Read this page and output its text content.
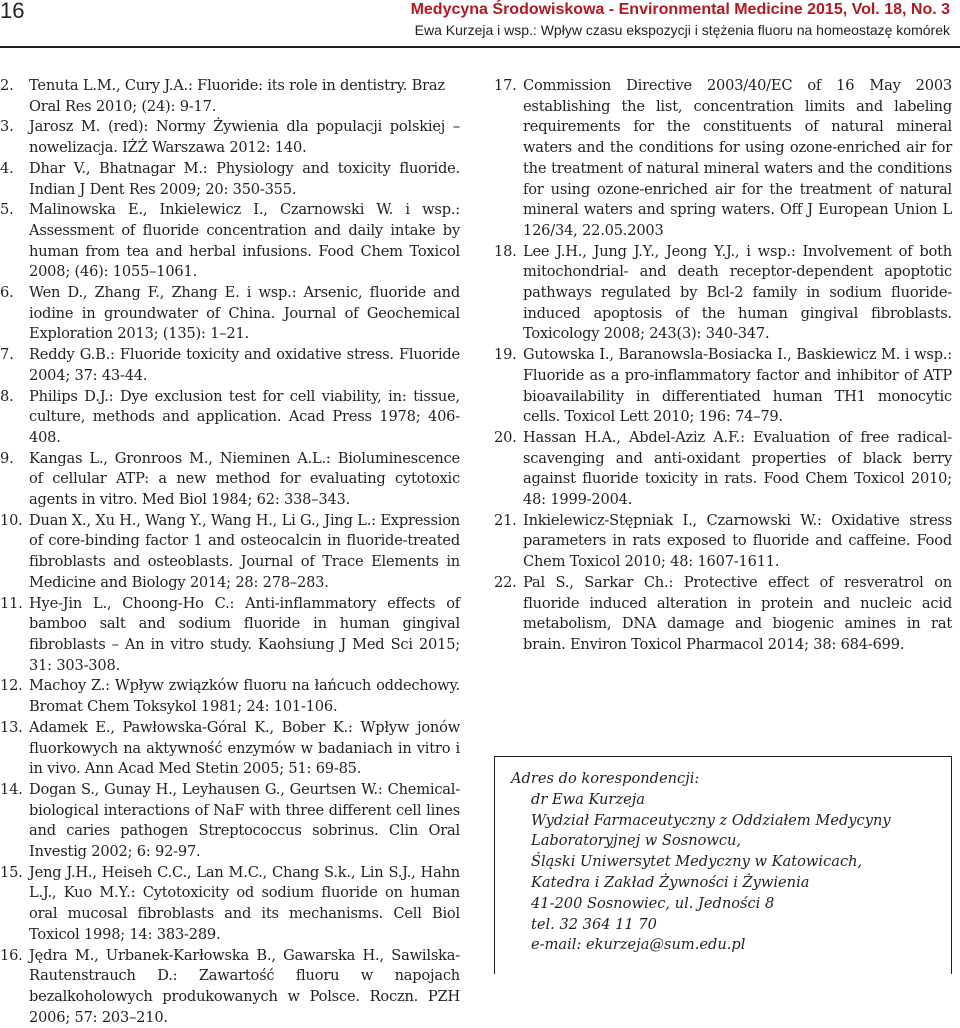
16	Medycyna Środowiskowa - Environmental Medicine 2015, Vol. 18, No. 3
Ewa Kurzeja i wsp.: Wpływ czasu ekspozycji i stężenia fluoru na homeostazę komórek
2. Tenuta L.M., Cury J.A.: Fluoride: its role in dentistry. Braz Oral Res 2010; (24): 9-17.
3. Jarosz M. (red): Normy Żywienia dla populacji polskiej – nowelizacja. IŻŻ Warszawa 2012: 140.
4. Dhar V., Bhatnagar M.: Physiology and toxicity fluoride. Indian J Dent Res 2009; 20: 350-355.
5. Malinowska E., Inkielewicz I., Czarnowski W. i wsp.: Assessment of fluoride concentration and daily intake by human from tea and herbal infusions. Food Chem Toxicol 2008; (46): 1055–1061.
6. Wen D., Zhang F., Zhang E. i wsp.: Arsenic, fluoride and iodine in groundwater of China. Journal of Geochemical Exploration 2013; (135): 1–21.
7. Reddy G.B.: Fluoride toxicity and oxidative stress. Fluoride 2004; 37: 43-44.
8. Philips D.J.: Dye exclusion test for cell viability, in: tissue, culture, methods and application. Acad Press 1978; 406-408.
9. Kangas L., Gronroos M., Nieminen A.L.: Bioluminescence of cellular ATP: a new method for evaluating cytotoxic agents in vitro. Med Biol 1984; 62: 338–343.
10. Duan X., Xu H., Wang Y., Wang H., Li G., Jing L.: Expression of core-binding factor 1 and osteocalcin in fluoride-treated fibroblasts and osteoblasts. Journal of Trace Elements in Medicine and Biology 2014; 28: 278–283.
11. Hye-Jin L., Choong-Ho C.: Anti-inflammatory effects of bamboo salt and sodium fluoride in human gingival fibroblasts – An in vitro study. Kaohsiung J Med Sci 2015; 31: 303-308.
12. Machoy Z.: Wpływ związków fluoru na łańcuch oddechowy. Bromat Chem Toksykol 1981; 24: 101-106.
13. Adamek E., Pawłowska-Góral K., Bober K.: Wpływ jonów fluorkowych na aktywność enzymów w badaniach in vitro i in vivo. Ann Acad Med Stetin 2005; 51: 69-85.
14. Dogan S., Gunay H., Leyhausen G., Geurtsen W.: Chemical-biological interactions of NaF with three different cell lines and caries pathogen Streptococcus sobrinus. Clin Oral Investig 2002; 6: 92-97.
15. Jeng J.H., Heiseh C.C., Lan M.C., Chang S.k., Lin S.J., Hahn L.J., Kuo M.Y.: Cytotoxicity od sodium fluoride on human oral mucosal fibroblasts and its mechanisms. Cell Biol Toxicol 1998; 14: 383-289.
16. Jędra M., Urbanek-Karłowska B., Gawarska H., Sawilska-Rautenstrauch D.: Zawartość fluoru w napojach bezalkoholowych produkowanych w Polsce. Roczn. PZH 2006; 57: 203–210.
17. Commission Directive 2003/40/EC of 16 May 2003 establishing the list, concentration limits and labeling requirements for the constituents of natural mineral waters and the conditions for using ozone-enriched air for the treatment of natural mineral waters and the conditions for using ozone-enriched air for the treatment of natural mineral waters and spring waters. Off J European Union L 126/34, 22.05.2003
18. Lee J.H., Jung J.Y., Jeong Y.J., i wsp.: Involvement of both mitochondrial- and death receptor-dependent apoptotic pathways regulated by Bcl-2 family in sodium fluoride-induced apoptosis of the human gingival fibroblasts. Toxicology 2008; 243(3): 340-347.
19. Gutowska I., Baranowsla-Bosiacka I., Baskiewicz M. i wsp.: Fluoride as a pro-inflammatory factor and inhibitor of ATP bioavailability in differentiated human TH1 monocytic cells. Toxicol Lett 2010; 196: 74–79.
20. Hassan H.A., Abdel-Aziz A.F.: Evaluation of free radical-scavenging and anti-oxidant properties of black berry against fluoride toxicity in rats. Food Chem Toxicol 2010; 48: 1999-2004.
21. Inkielewicz-Stępniak I., Czarnowski W.: Oxidative stress parameters in rats exposed to fluoride and caffeine. Food Chem Toxicol 2010; 48: 1607-1611.
22. Pal S., Sarkar Ch.: Protective effect of resveratrol on fluoride induced alteration in protein and nucleic acid metabolism, DNA damage and biogenic amines in rat brain. Environ Toxicol Pharmacol 2014; 38: 684-699.
Adres do korespondencji:
dr Ewa Kurzeja
Wydział Farmaceutyczny z Oddziałem Medycyny
Laboratoryjnej w Sosnowcu,
Śląski Uniwersytet Medyczny w Katowicach,
Katedra i Zakład Żywności i Żywienia
41-200 Sosnowiec, ul. Jedności 8
tel. 32 364 11 70
e-mail: ekurzeja@sum.edu.pl
